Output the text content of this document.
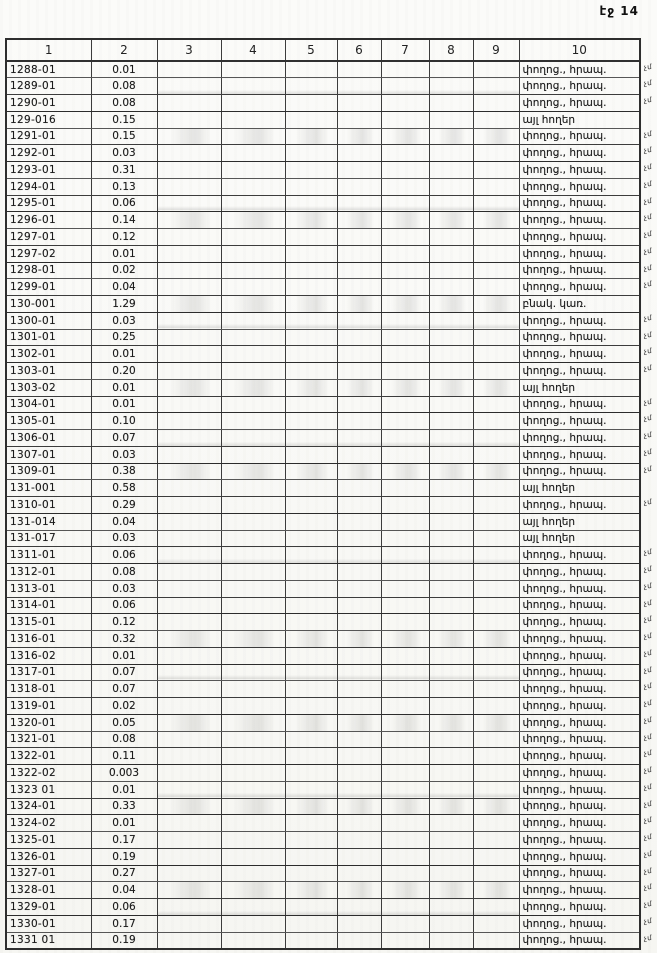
էջ 14
1	2	3	4	5	6	7	8	9	10
1288-01	0.01								փողոց., հրապ.
1289-01	0.08								փողոց., հրապ.
1290-01	0.08								փողոց., հրապ.
129-016	0.15								այլ հողեր
1291-01	0.15								փողոց., հրապ.
1292-01	0.03								փողոց., հրապ.
1293-01	0.31								փողոց., հրապ.
1294-01	0.13								փողոց., հրապ.
1295-01	0.06								փողոց., հրապ.
1296-01	0.14								փողոց., հրապ.
1297-01	0.12								փողոց., հրապ.
1297-02	0.01								փողոց., հրապ.
1298-01	0.02								փողոց., հրապ.
1299-01	0.04								փողոց., հրապ.
130-001	1.29								բնակ. կառ.
1300-01	0.03								փողոց., հրապ.
1301-01	0.25								փողոց., հրապ.
1302-01	0.01								փողոց., հրապ.
1303-01	0.20								փողոց., հրապ.
1303-02	0.01								այլ հողեր
1304-01	0.01								փողոց., հրապ.
1305-01	0.10								փողոց., հրապ.
1306-01	0.07								փողոց., հրապ.
1307-01	0.03								փողոց., հրապ.
1309-01	0.38								փողոց., հրապ.
131-001	0.58								այլ հողեր
1310-01	0.29								փողոց., հրապ.
131-014	0.04								այլ հողեր
131-017	0.03								այլ հողեր
1311-01	0.06								փողոց., հրապ.
1312-01	0.08								փողոց., հրապ.
1313-01	0.03								փողոց., հրապ.
1314-01	0.06								փողոց., հրապ.
1315-01	0.12								փողոց., հրապ.
1316-01	0.32								փողոց., հրապ.
1316-02	0.01								փողոց., հրապ.
1317-01	0.07								փողոց., հրապ.
1318-01	0.07								փողոց., հրապ.
1319-01	0.02								փողոց., հրապ.
1320-01	0.05								փողոց., հրապ.
1321-01	0.08								փողոց., հրապ.
1322-01	0.11								փողոց., հրապ.
1322-02	0.003								փողոց., հրապ.
1323 01	0.01								փողոց., հրապ.
1324-01	0.33								փողոց., հրապ.
1324-02	0.01								փողոց., հրապ.
1325-01	0.17								փողոց., հրապ.
1326-01	0.19								փողոց., հրապ.
1327-01	0.27								փողոց., հրապ.
1328-01	0.04								փողոց., հրապ.
1329-01	0.06								փողոց., հրապ.
1330-01	0.17								փողոց., հրապ.
1331 01	0.19								փողոց., հրապ.
չմ
չմ
չմ
չմ
չմ
չմ
չմ
չմ
չմ
չմ
չմ
չմ
չմ
չմ
չմ
չմ
չմ
չմ
չմ
չմ
չմ
չմ
չմ
չմ
չմ
չմ
չմ
չմ
չմ
չմ
չմ
չմ
չմ
չմ
չմ
չմ
չմ
չմ
չմ
չմ
չմ
չմ
չմ
չմ
չմ
չմ
չմ
